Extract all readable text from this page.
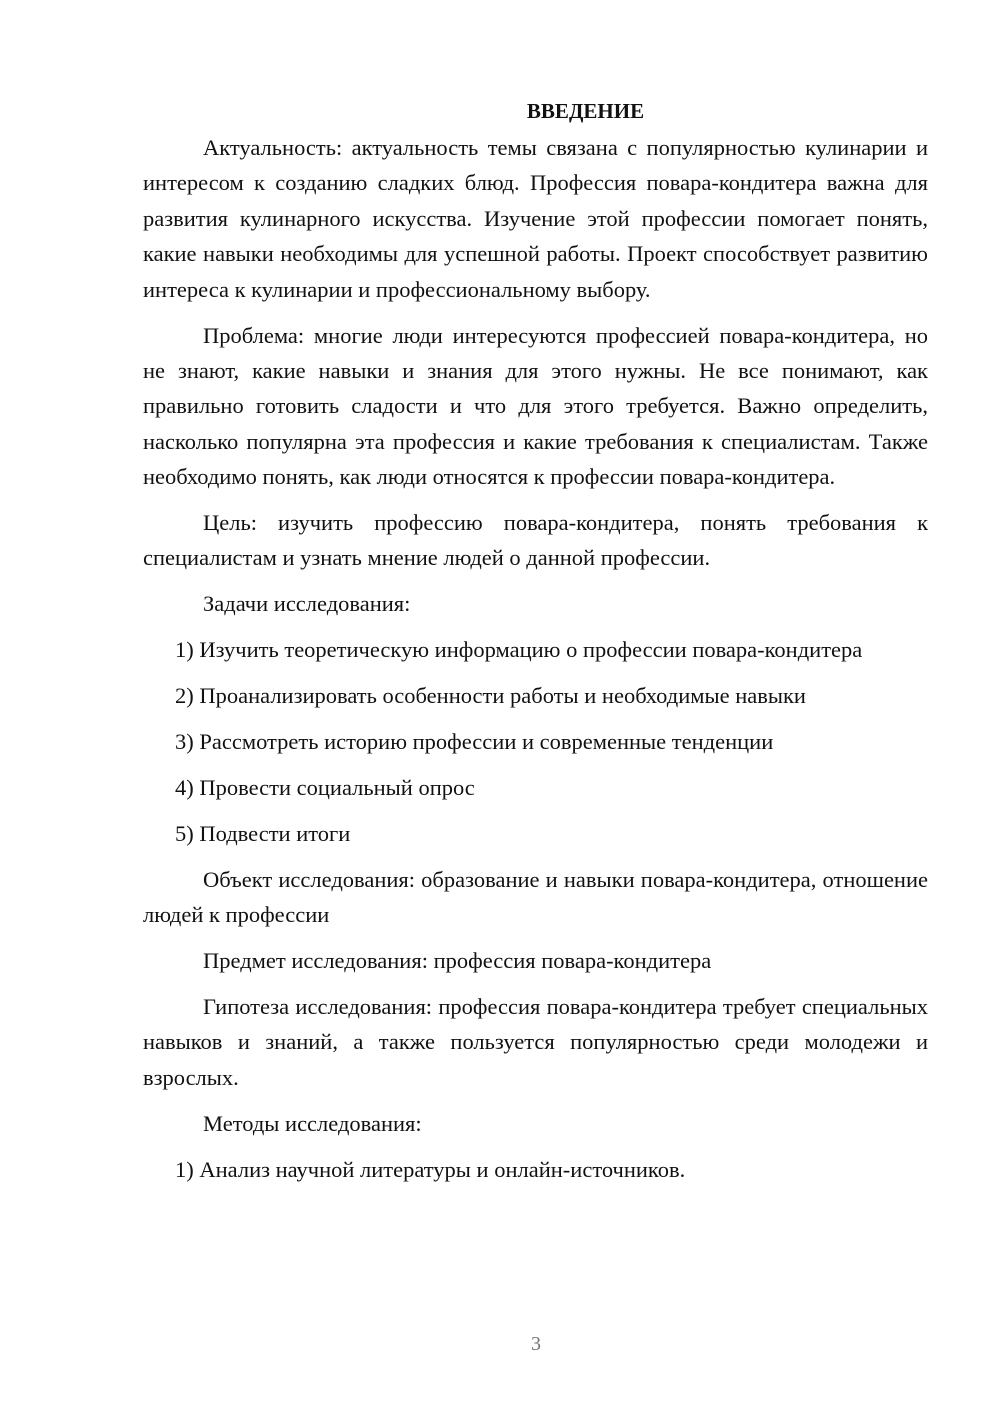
ВВЕДЕНИЕ

Актуальность: актуальность темы связана с популярностью кулинарии и интересом к созданию сладких блюд. Профессия повара-кондитера важна для развития кулинарного искусства. Изучение этой профессии помогает понять, какие навыки необходимы для успешной работы. Проект способствует развитию интереса к кулинарии и профессиональному выбору.

Проблема: многие люди интересуются профессией повара-кондитера, но не знают, какие навыки и знания для этого нужны. Не все понимают, как правильно готовить сладости и что для этого требуется. Важно определить, насколько популярна эта профессия и какие требования к специалистам. Также необходимо понять, как люди относятся к профессии повара-кондитера.

Цель: изучить профессию повара-кондитера, понять требования к специалистам и узнать мнение людей о данной профессии.

Задачи исследования:

1) Изучить теоретическую информацию о профессии повара-кондитера

2) Проанализировать особенности работы и необходимые навыки

3) Рассмотреть историю профессии и современные тенденции

4) Провести социальный опрос

5) Подвести итоги

Объект исследования: образование и навыки повара-кондитера, отношение людей к профессии

Предмет исследования: профессия повара-кондитера

Гипотеза исследования: профессия повара-кондитера требует специальных навыков и знаний, а также пользуется популярностью среди молодежи и взрослых.

Методы исследования:

1) Анализ научной литературы и онлайн-источников.

3
